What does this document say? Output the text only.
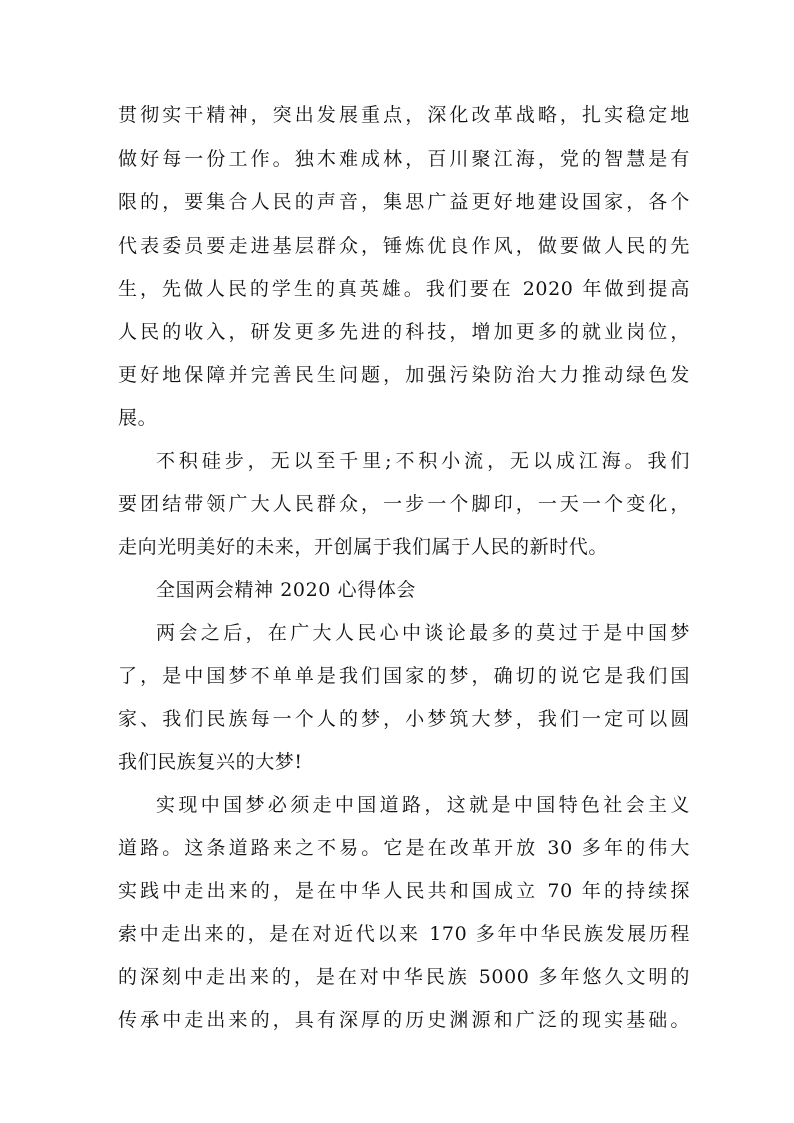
贯彻实干精神，突出发展重点，深化改革战略，扎实稳定地
做好每一份工作。独木难成林，百川聚江海，党的智慧是有
限的，要集合人民的声音，集思广益更好地建设国家，各个
代表委员要走进基层群众，锤炼优良作风，做要做人民的先
生，先做人民的学生的真英雄。我们要在 2020 年做到提高
人民的收入，研发更多先进的科技，增加更多的就业岗位，
更好地保障并完善民生问题，加强污染防治大力推动绿色发
展。
不积硅步，无以至千里;不积小流，无以成江海。我们
要团结带领广大人民群众，一步一个脚印，一天一个变化，
走向光明美好的未来，开创属于我们属于人民的新时代。
全国两会精神 2020 心得体会
两会之后，在广大人民心中谈论最多的莫过于是中国梦
了，是中国梦不单单是我们国家的梦，确切的说它是我们国
家、我们民族每一个人的梦，小梦筑大梦，我们一定可以圆
我们民族复兴的大梦!
实现中国梦必须走中国道路，这就是中国特色社会主义
道路。这条道路来之不易。它是在改革开放 30 多年的伟大
实践中走出来的，是在中华人民共和国成立 70 年的持续探
索中走出来的，是在对近代以来 170 多年中华民族发展历程
的深刻中走出来的，是在对中华民族 5000 多年悠久文明的
传承中走出来的，具有深厚的历史渊源和广泛的现实基础。
